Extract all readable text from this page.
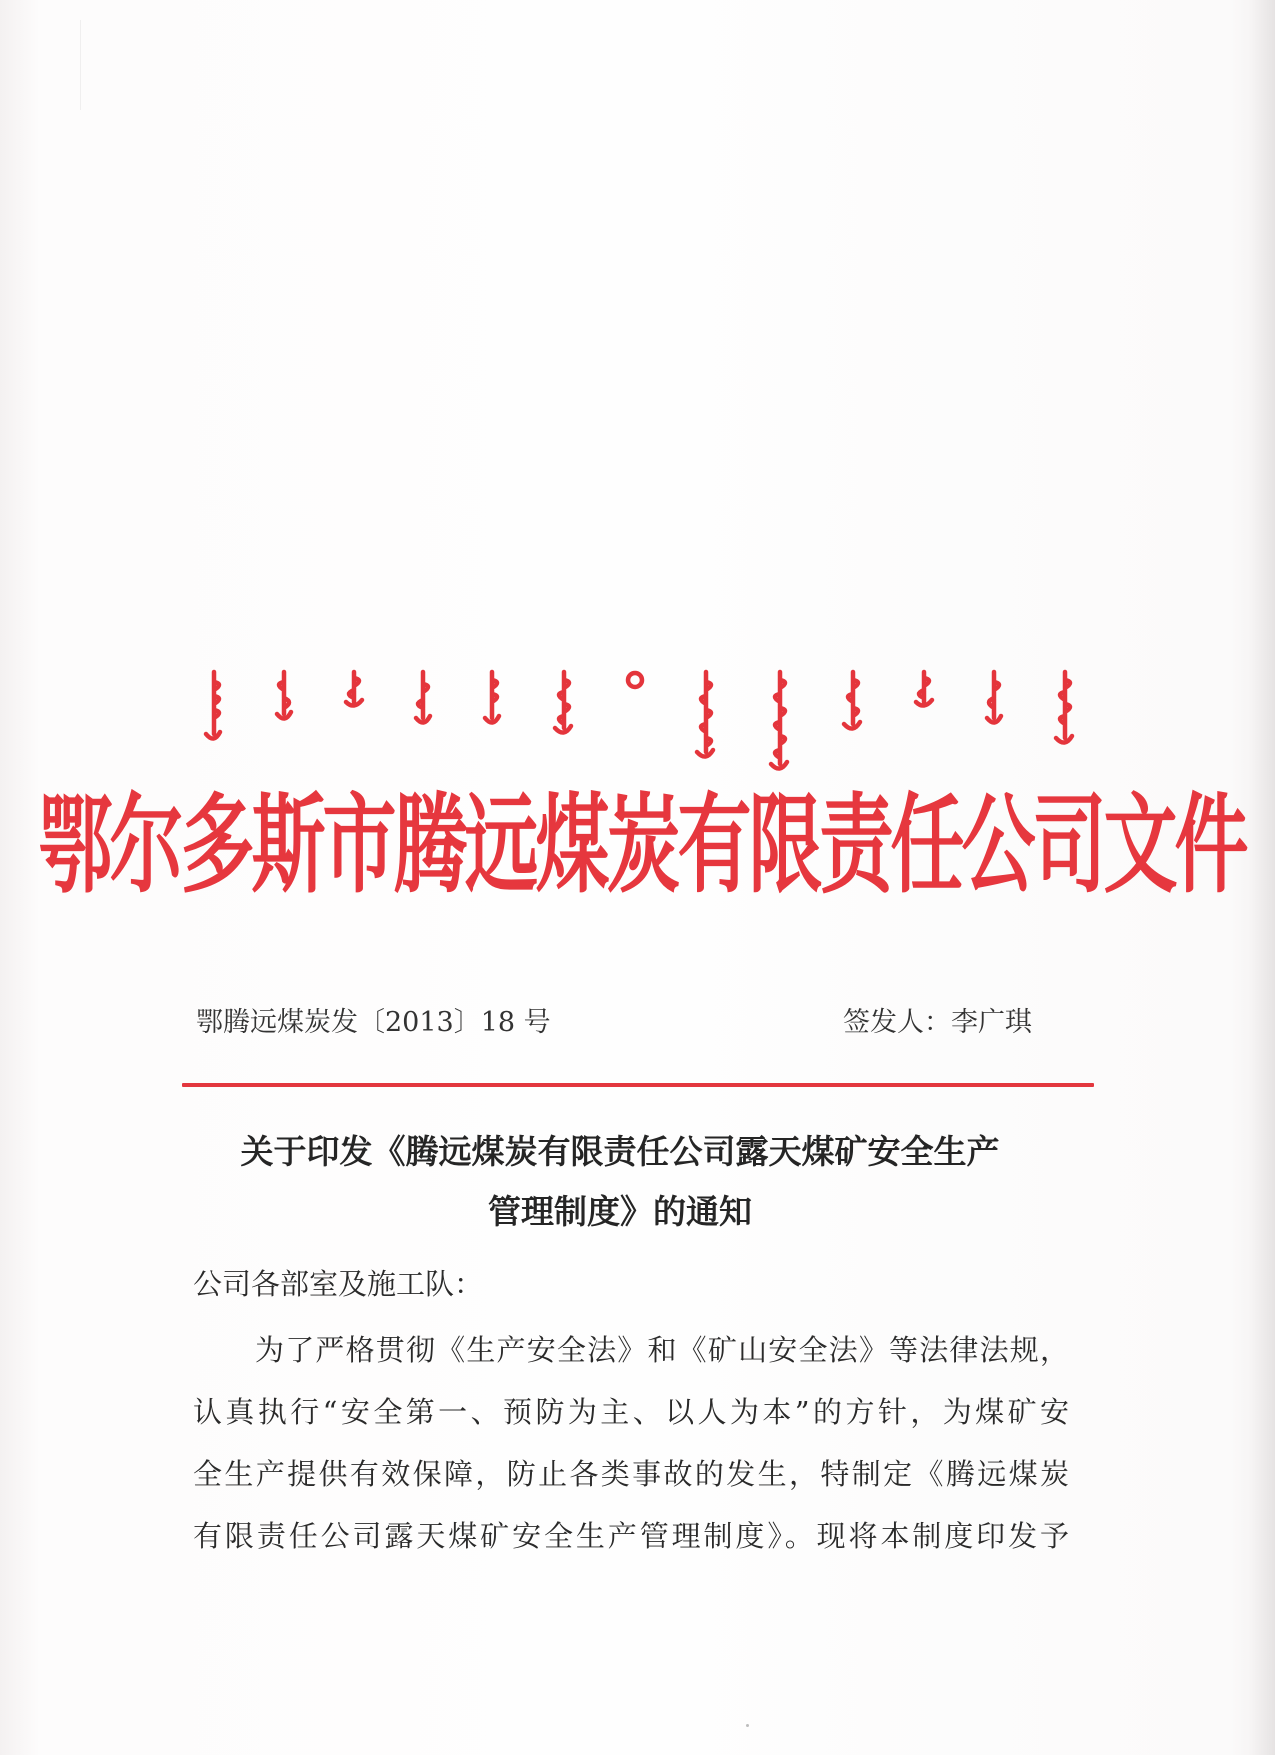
鄂尔多斯市腾远煤炭有限责任公司文件
鄂腾远煤炭发〔2013〕18 号	签发人：李广琪
关于印发《腾远煤炭有限责任公司露天煤矿安全生产
管理制度》的通知
公司各部室及施工队：
为了严格贯彻《生产安全法》和《矿山安全法》等法律法规，
认真执行“安全第一、预防为主、以人为本”的方针，为煤矿安
全生产提供有效保障，防止各类事故的发生，特制定《腾远煤炭
有限责任公司露天煤矿安全生产管理制度》。现将本制度印发予
